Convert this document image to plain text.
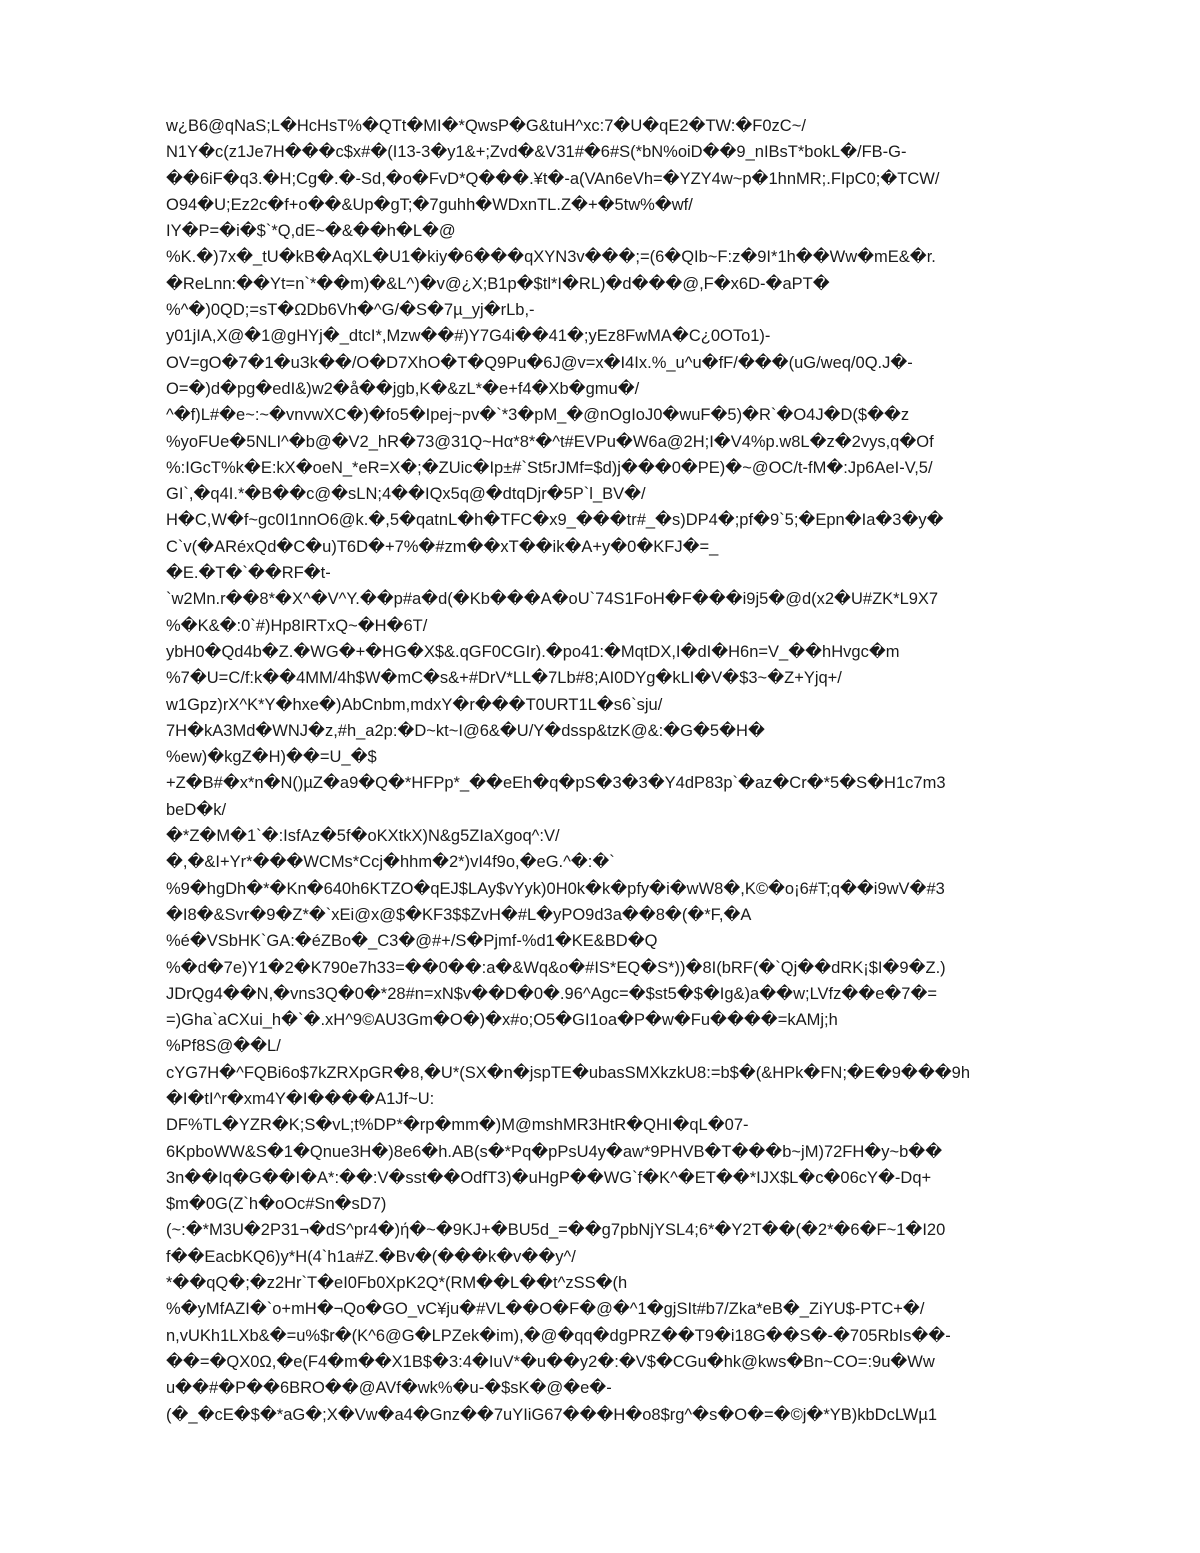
w¿B6@qNaS;L�HcHsT%�QTt�MI�*QwsP�G&tuH^xc:7�U�qE2�TW:�F0zC~/
N1Y�c(z1Je7H���c$x#�(I13-3�y1&+;Zvd�&V31#�6#S(*bN%oiD��9_nIBsT*bokL�/FB-G-
��6iF�q3.�H;Cg�.�-Sd,�o�FvD*Q���.¥t�-a(VAn6eVh=�YZY4w~p�1hnMR;.FIpC0;�TCW/
O94�U;Ez2c�f+o��&Up�gT;�7guhh�WDxnTL.Z�+�5tw%�wf/
IY�P=�i�$`*Q,dE~�&��h�L�@
%K.�)7x�_tU�kB�AqXL�U1�kiy�6���qXYN3v���;=(6�QIb~F:z�9I*1h��Ww�mE&�r.
�ReLnn:��Yt=n`*��m)�&L^)�v@¿X;B1p�$tl*I�RL)�d���@,F�x6D-�aPT�
%^�)0QD;=sT�ΩDb6Vh�^G/�S�7µ_yj�rLb,-
y01jIA,X@�1@gHYj�_dtcI*,Mzw��#)Y7G4i��41�;yEz8FwMA�C¿0OTo1)-
OV=gO�7�1�uЗk��/O�D7XhO�T�Q9Pu�6J@v=x�I4Ix.%_u^u�fF/���(uG/weq/0Q.J�-
O=�)d�pg�edI&)w2�å��jgb,K�&zL*�e+f4�Xb�gmu�/
^�f)L#�e~:~�vnvwXC�)�fo5�Ipej~pv�`*3�pM_�@nOgIoJ0�wuF�5)�R`�O4J�D($��z
%yoFUe�5NLI^�b@�V2_hR�73@31Q~Hα*8*�^t#EVPu�W6a@2H;I�V4%p.w8L�z�2vys,q�Of
%:IGcT%k�E:kX�oeN_*eR=X�;�ZUic�Ip±#`St5rJMf=$d)j���0�PE)�~@OC/t-fM�:Jp6AeI-V,5/
GI`,�q4I.*�B��c@�sLN;4��IQx5q@�dtqDjr�5P`l_BV�/
H�C,W�f~gc0I1nnO6@k.�,5�qatnL�h�TFC�x9_���tr#_�s)DP4�;pf�9`5;�Epn�Ia�3�y�
C`v(�ARéxQd�C�u)T6D�+7%�#zm��xT��ik�A+y�0�KFJ�=_
�E.�T�`��RF�t-
`w2Mn.r��8*�X^�V^Y.��p#a�d(�Kb���A�oU`74S1FoH�F���i9j5�@d(x2�U#ZK*L9X7
%�K&�:0`#)Hp8IRTxQ~�H�6T/
ybH0�Qd4b�Z.�WG�+�HG�X$&.qGF0CGIr).�po41:�MqtDX,I�dI�H6n=V_��hHvgc�m
%7�U=C/f:k��4MM/4h$W�mC�s&+#DrV*LL�7Lb#8;AI0DYg�kLI�V�$3~�Z+Yjq+/
w1Gpz)rX^K*Y�hxe�)AbCnbm,mdxY�r���T0URT1L�s6`sju/
7H�kA3Md�WNJ�z,#h_a2p:�D~kt~I@6&�U/Y�dssp&tzK@&:�G�5�H�
%ew)�kgZ�H)��=U_�$
+Z�B#�x*n�N()µZ�a9�Q�*HFPp*_��eEh�q�pS�3�3�Y4dP83p`�az�Cr�*5�S�H1c7m3
beD�k/
�*Z�M�1`�:IsfAz�5f�oKXtkX)N&g5ZIaXgoq^:V/
�,�&I+Yr*���WCMs*Ccj�hhm�2*)vI4f9o,�eG.^�:�`
%9�hgDh�*�Kn�640h6KTZO�qEJ$LAy$vYyk)0H0k�k�pfy�i�wW8�,K©�o¡6#T;q��i9wV�#3
�I8�&Svr�9�Z*�`xEi@x@$�KF3$$ZvH�#L�yPO9d3a��8�(�*F,�A
%é�VSbHK`GA:�éZBo�_C3�@#+/S�Pjmf-%d1�KE&BD�Q
%�d�7e)Y1�2�K790e7h33=��0��:a�&Wq&o�#IS*EQ�S*))�8I(bRF(�`Qj��dRK¡$I�9�Z.)
JDrQg4��N,�vns3Q�0�*28#n=xN$v��D�0�.96^Agc=�$st5�$�Ig&)a��w;LVfz��e�7�=
=)Gha`aCXui_h�`�.xH^9©AU3Gm�O�)�x#o;O5�GI1oa�P�w�Fu����=kAMj;h
%Pf8S@��L/
cYG7H�^FQBi6o$7kZRXpGR�8,�U*(SX�n�jspTE�ubasSMXkzkU8:=b$�(&HPk�FN;�E�9���9h
�I�tI^r�xm4Y�I����A1Jf~U:
DF%TL�YZR�K;S�vL;t%DP*�rp�mm�)M@mshMR3HtR�QHI�qL�07-
6KpboWW&S�1�Qnue3H�)8e6�h.AB(s�*Pq�pPsU4y�aw*9PHVB�T���b~jM)72FH�y~b��
3n��Iq�G��I�A*:��:V�sst��OdfT3)�uHgP��WG`f�K^�ET��*IJX$L�c�06cY�-Dq+
$m�0G(Z`h�oOc#Sn�sD7)
(~:�*M3U�2P31¬�dS^pr4�)ή�~�9KJ+�BU5d_=��g7pbNjYSL4;6*�Y2T��(�2*�6�F~1�I20
f��EacbKQ6)y*H(4`h1a#Z.�Bv�(���k�v��y^/
*��qQ�;�z2Hr`T�eI0Fb0XpK2Q*(RM��L��t^zSS�(h
%�yMfAZI�`o+mH�¬Qo�GO_vC¥ju�#VL��O�F�@�^1�gjSIt#b7/Zka*eB�_ZiYU$-PTC+�/
n,vUKh1LXb&�=u%$r�(K^6@G�LPZek�im),�@�qq�dgPRZ��T9�i18G��S�-�705RbIs��-
��=�QX0Ω,�e(F4�m��X1B$�3:4�IuV*�u��y2�:�V$�CGu�hk@kws�Bn~CO=:9u�Ww
u��#�P��6BRO��@AVf�wk%�u-�$sK�@�e�-
(�_�cE�$�*aG�;X�Vw�a4�Gnz��7uYIiG67���H�o8$rg^�s�O�=�©j�*YB)kbDcLWµ1
